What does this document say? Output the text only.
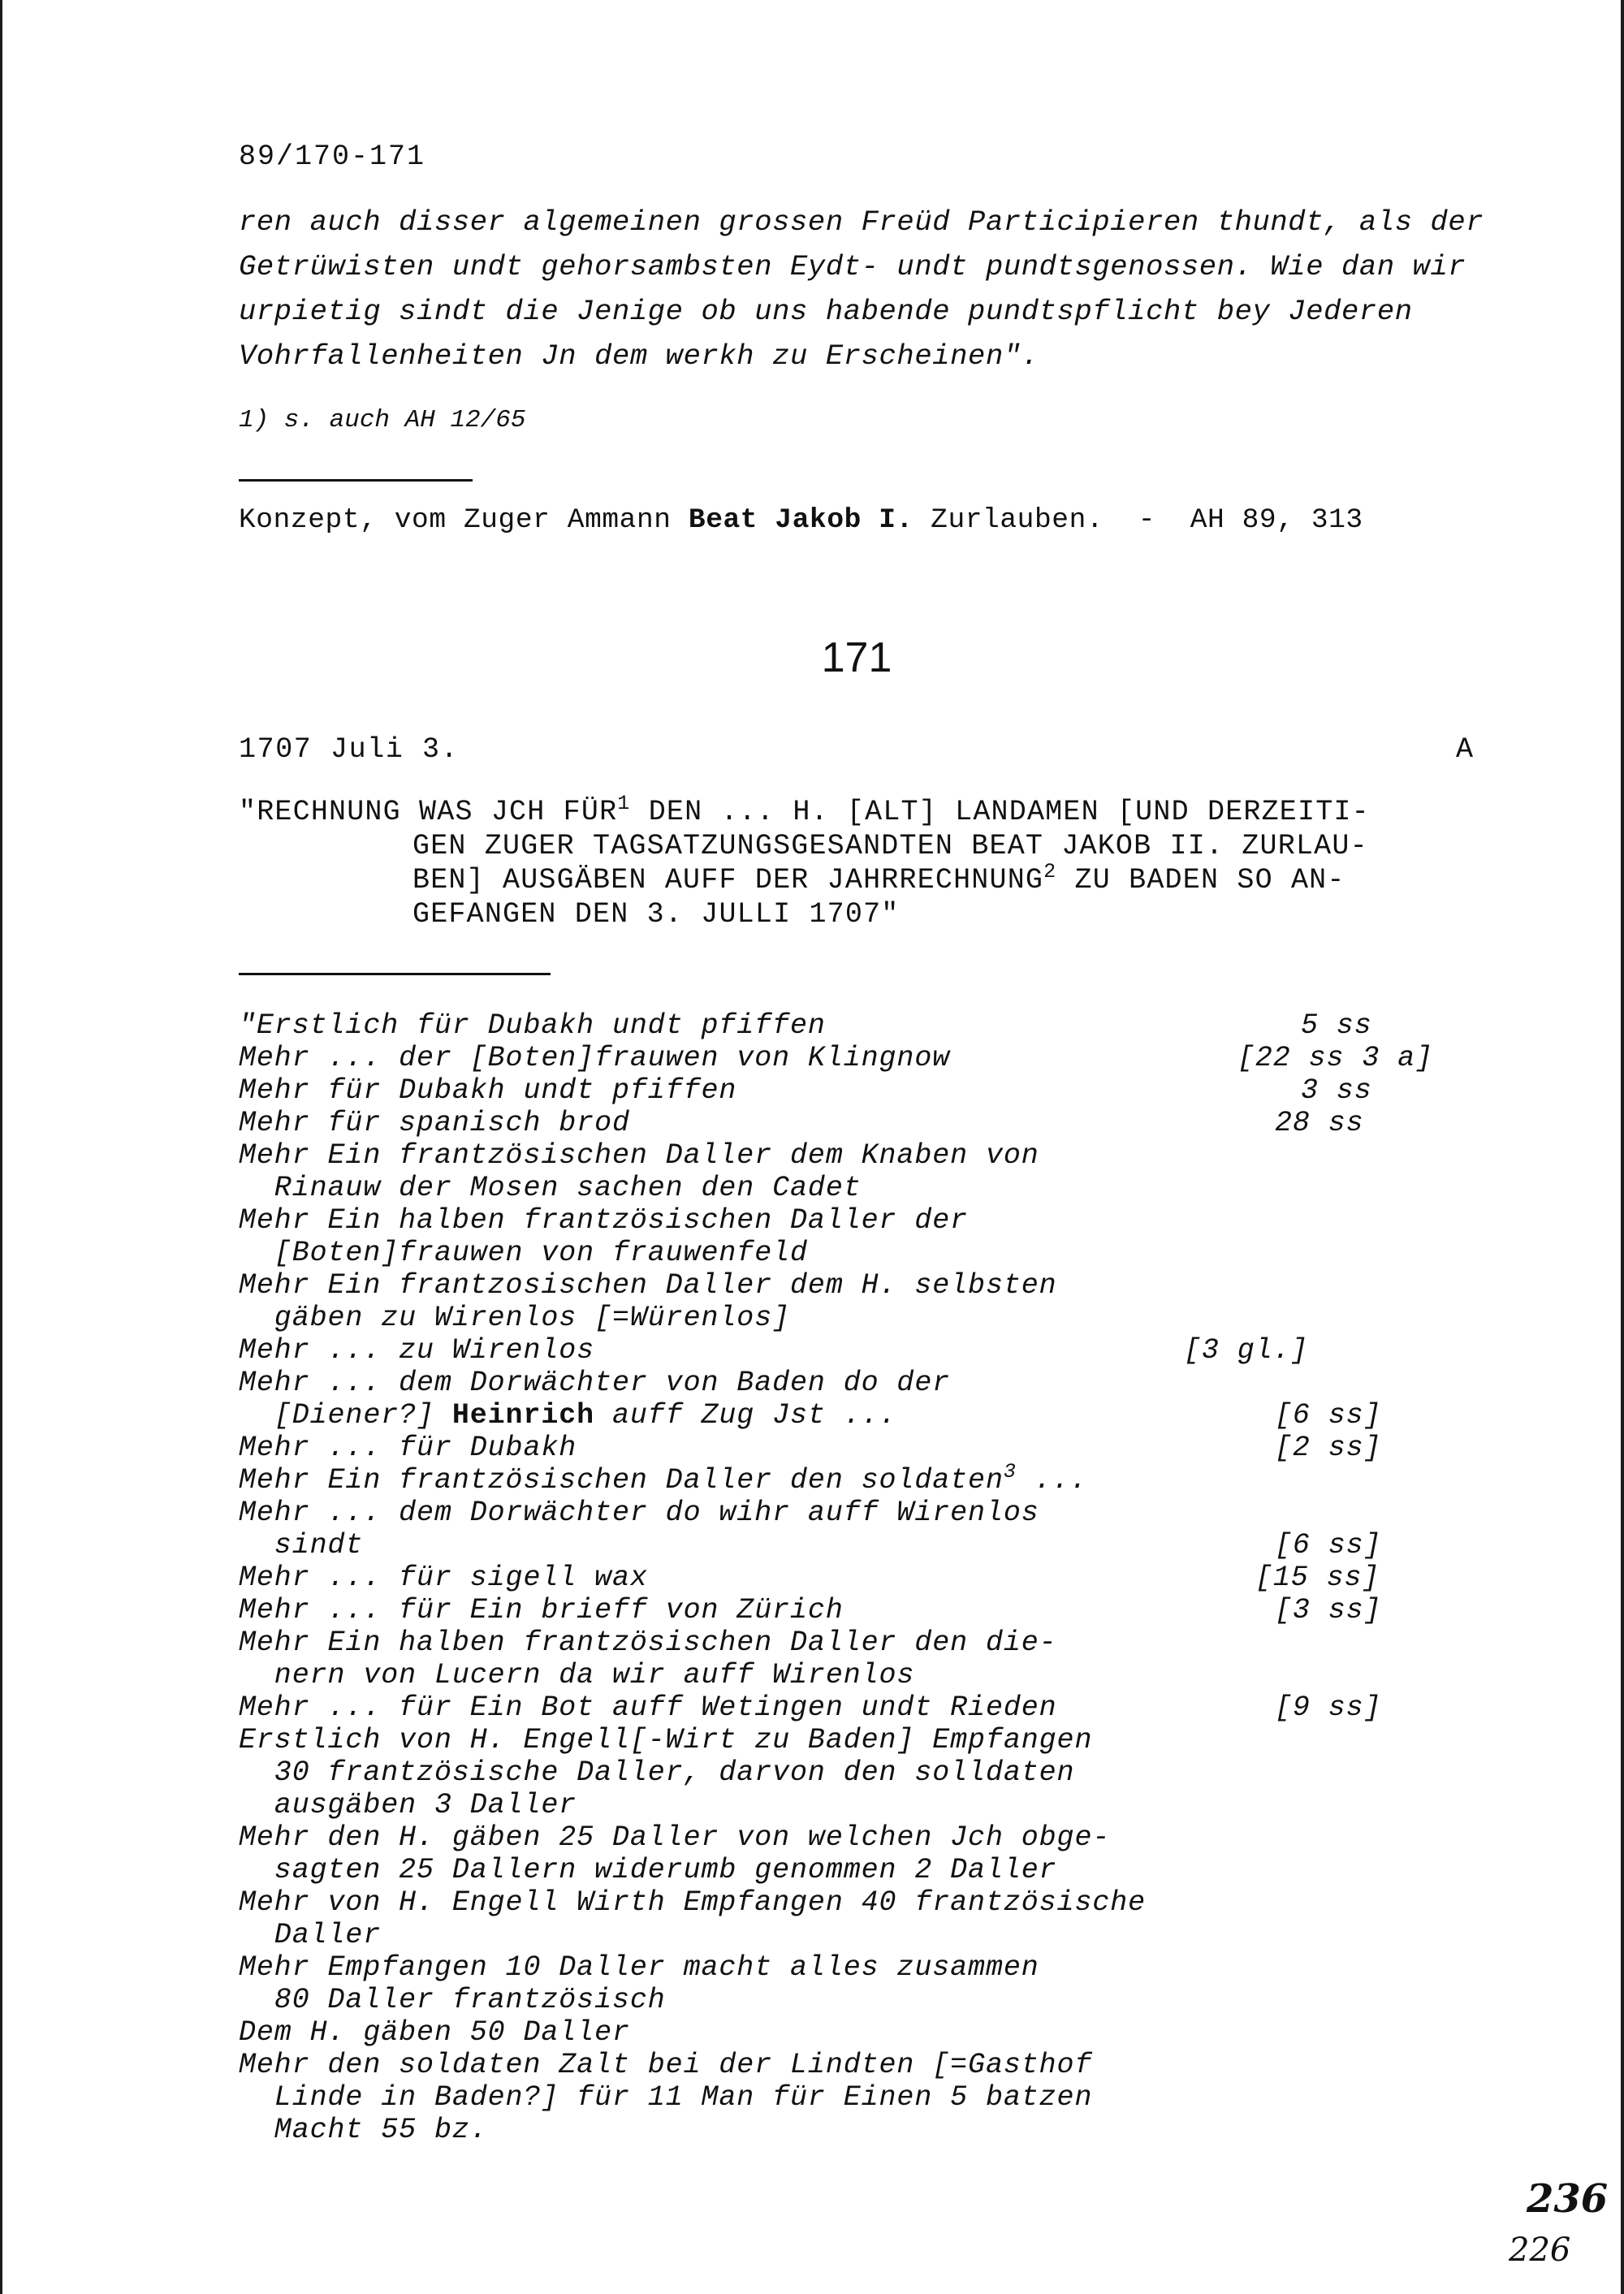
89/170-171
ren auch disser algemeinen grossen Freüd Participieren thundt, als der
Getrüwisten undt gehorsambsten Eydt- undt pundtsgenossen. Wie dan wir
urpietig sindt die Jenige ob uns habende pundtspflicht bey Jederen
Vohrfallenheiten Jn dem werkh zu Erscheinen".
1) s. auch AH 12/65
Konzept, vom Zuger Ammann Beat Jakob I. Zurlauben.  -  AH 89, 313
171
1707 Juli 3.	A
"RECHNUNG WAS JCH FÜR$^1$ DEN ... H. [ALT] LANDAMEN [UND DERZEITI-
GEN ZUGER TAGSATZUNGSGESANDTEN BEAT JAKOB II. ZURLAU-
BEN] AUSGÄBEN AUFF DER JAHRRECHNUNG$^2$ ZU BADEN SO AN-
GEFANGEN DEN 3. JULLI 1707"
"Erstlich für Dubakh undt pfiffen	5 ss
Mehr ... der [Boten]frauwen von Klingnow	[22 ss 3 a]
Mehr für Dubakh undt pfiffen	3 ss
Mehr für spanisch brod	28 ss
Mehr Ein frantzösischen Daller dem Knaben von
Rinauw der Mosen sachen den Cadet
Mehr Ein halben frantzösischen Daller der
[Boten]frauwen von frauwenfeld
Mehr Ein frantzosischen Daller dem H. selbsten
gäben zu Wirenlos [=Würenlos]
Mehr ... zu Wirenlos	[3 gl.]
Mehr ... dem Dorwächter von Baden do der
[Diener?] Heinrich auff Zug Jst ...	[6 ss]
Mehr ... für Dubakh	[2 ss]
Mehr Ein frantzösischen Daller den soldaten$^3$ ...
Mehr ... dem Dorwächter do wihr auff Wirenlos
sindt	[6 ss]
Mehr ... für sigell wax	[15 ss]
Mehr ... für Ein brieff von Zürich	[3 ss]
Mehr Ein halben frantzösischen Daller den die-
nern von Lucern da wir auff Wirenlos
Mehr ... für Ein Bot auff Wetingen undt Rieden	[9 ss]
Erstlich von H. Engell[-Wirt zu Baden] Empfangen
30 frantzösische Daller, darvon den solldaten
ausgäben 3 Daller
Mehr den H. gäben 25 Daller von welchen Jch obge-
sagten 25 Dallern widerumb genommen 2 Daller
Mehr von H. Engell Wirth Empfangen 40 frantzösische
Daller
Mehr Empfangen 10 Daller macht alles zusammen
80 Daller frantzösisch
Dem H. gäben 50 Daller
Mehr den soldaten Zalt bei der Lindten [=Gasthof
Linde in Baden?] für 11 Man für Einen 5 batzen
Macht 55 bz.
236
226
